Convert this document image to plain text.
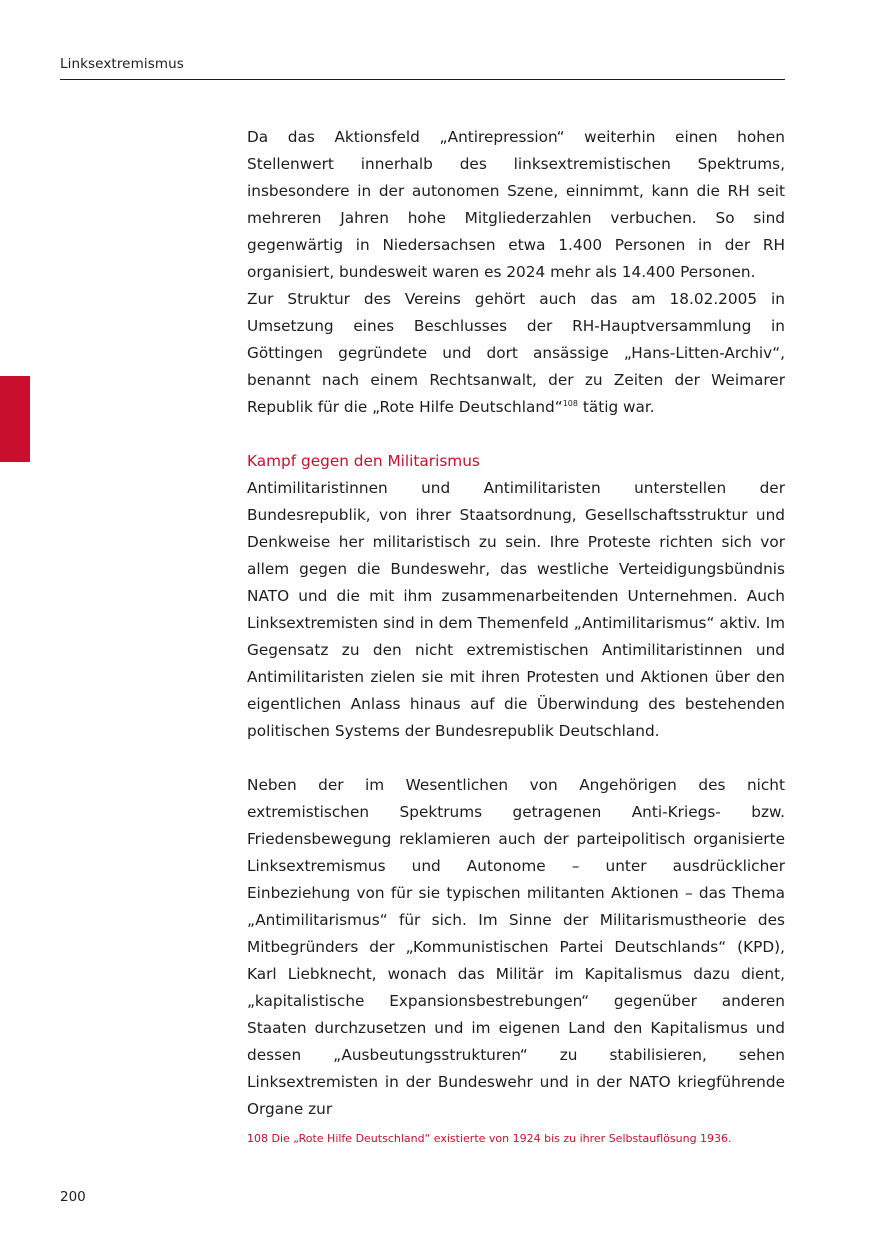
Linksextremismus

Da das Aktionsfeld „Antirepression“ weiterhin einen hohen Stellenwert innerhalb des linksextremistischen Spektrums, insbesondere in der autonomen Szene, einnimmt, kann die RH seit mehreren Jahren hohe Mitgliederzahlen verbuchen. So sind gegenwärtig in Niedersachsen etwa 1.400 Personen in der RH organisiert, bundesweit waren es 2024 mehr als 14.400 Personen.

Zur Struktur des Vereins gehört auch das am 18.02.2005 in Umsetzung eines Beschlusses der RH-Hauptversammlung in Göttingen gegründete und dort ansässige „Hans-Litten-Archiv“, benannt nach einem Rechtsanwalt, der zu Zeiten der Weimarer Republik für die „Rote Hilfe Deutschland“$^{108}$ tätig war.

Kampf gegen den Militarismus

Antimilitaristinnen und Antimilitaristen unterstellen der Bundesrepublik, von ihrer Staatsordnung, Gesellschaftsstruktur und Denkweise her militaristisch zu sein. Ihre Proteste richten sich vor allem gegen die Bundeswehr, das westliche Verteidigungsbündnis NATO und die mit ihm zusammenarbeitenden Unternehmen. Auch Linksextremisten sind in dem Themenfeld „Antimilitarismus“ aktiv. Im Gegensatz zu den nicht extremistischen Antimilitaristinnen und Antimilitaristen zielen sie mit ihren Protesten und Aktionen über den eigentlichen Anlass hinaus auf die Überwindung des bestehenden politischen Systems der Bundesrepublik Deutschland.

Neben der im Wesentlichen von Angehörigen des nicht extremistischen Spektrums getragenen Anti-Kriegs- bzw. Friedensbewegung reklamieren auch der parteipolitisch organisierte Linksextremismus und Autonome – unter ausdrücklicher Einbeziehung von für sie typischen militanten Aktionen – das Thema „Antimilitarismus“ für sich. Im Sinne der Militarismustheorie des Mitbegründers der „Kommunistischen Partei Deutschlands“ (KPD), Karl Liebknecht, wonach das Militär im Kapitalismus dazu dient, „kapitalistische Expansionsbestrebungen“ gegenüber anderen Staaten durchzusetzen und im eigenen Land den Kapitalismus und dessen „Ausbeutungsstrukturen“ zu stabilisieren, sehen Linksextremisten in der Bundeswehr und in der NATO kriegführende Organe zur

108 Die „Rote Hilfe Deutschland“ existierte von 1924 bis zu ihrer Selbstauflösung 1936.
200
